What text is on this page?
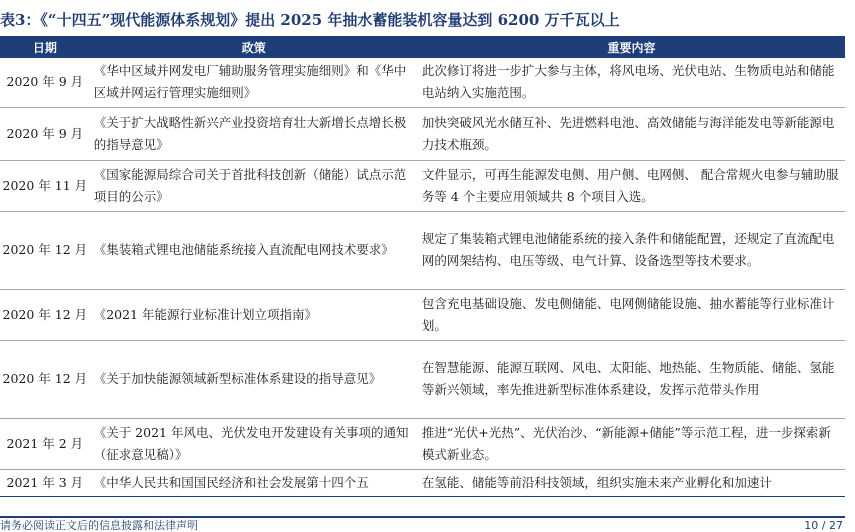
表3：《“十四五”现代能源体系规划》提出 2025 年抽水蓄能装机容量达到 6200 万千瓦以上
日期	政策	重要内容
2020 年 9 月	《华中区域并网发电厂辅助服务管理实施细则》和《华中区域并网运行管理实施细则》	此次修订将进一步扩大参与主体，将风电场、光伏电站、生物质电站和储能电站纳入实施范围。
2020 年 9 月	《关于扩大战略性新兴产业投资培育壮大新增长点增长极的指导意见》	加快突破风光水储互补、先进燃料电池、高效储能与海洋能发电等新能源电力技术瓶颈。
2020 年 11 月	《国家能源局综合司关于首批科技创新（储能）试点示范项目的公示》	文件显示，可再生能源发电侧、用户侧、电网侧、 配合常规火电参与辅助服务等 4 个主要应用领域共 8 个项目入选。
2020 年 12 月	《集装箱式锂电池储能系统接入直流配电网技术要求》	规定了集装箱式锂电池储能系统的接入条件和储能配置，还规定了直流配电网的网架结构、电压等级、电气计算、设备选型等技术要求。
2020 年 12 月	《2021 年能源行业标准计划立项指南》	包含充电基础设施、发电侧储能、电网侧储能设施、抽水蓄能等行业标准计划。
2020 年 12 月	《关于加快能源领域新型标准体系建设的指导意见》	在智慧能源、能源互联网、风电、太阳能、地热能、生物质能、储能、氢能等新兴领域，率先推进新型标准体系建设，发挥示范带头作用
2021 年 2 月	《关于 2021 年风电、光伏发电开发建设有关事项的通知（征求意见稿）》	推进“光伏+光热”、光伏治沙、“新能源+储能”等示范工程，进一步探索新模式新业态。
2021 年 3 月	《中华人民共和国国民经济和社会发展第十四个五	在氢能、储能等前沿科技领域，组织实施未来产业孵化和加速计
请务必阅读正文后的信息披露和法律声明	10 / 27
